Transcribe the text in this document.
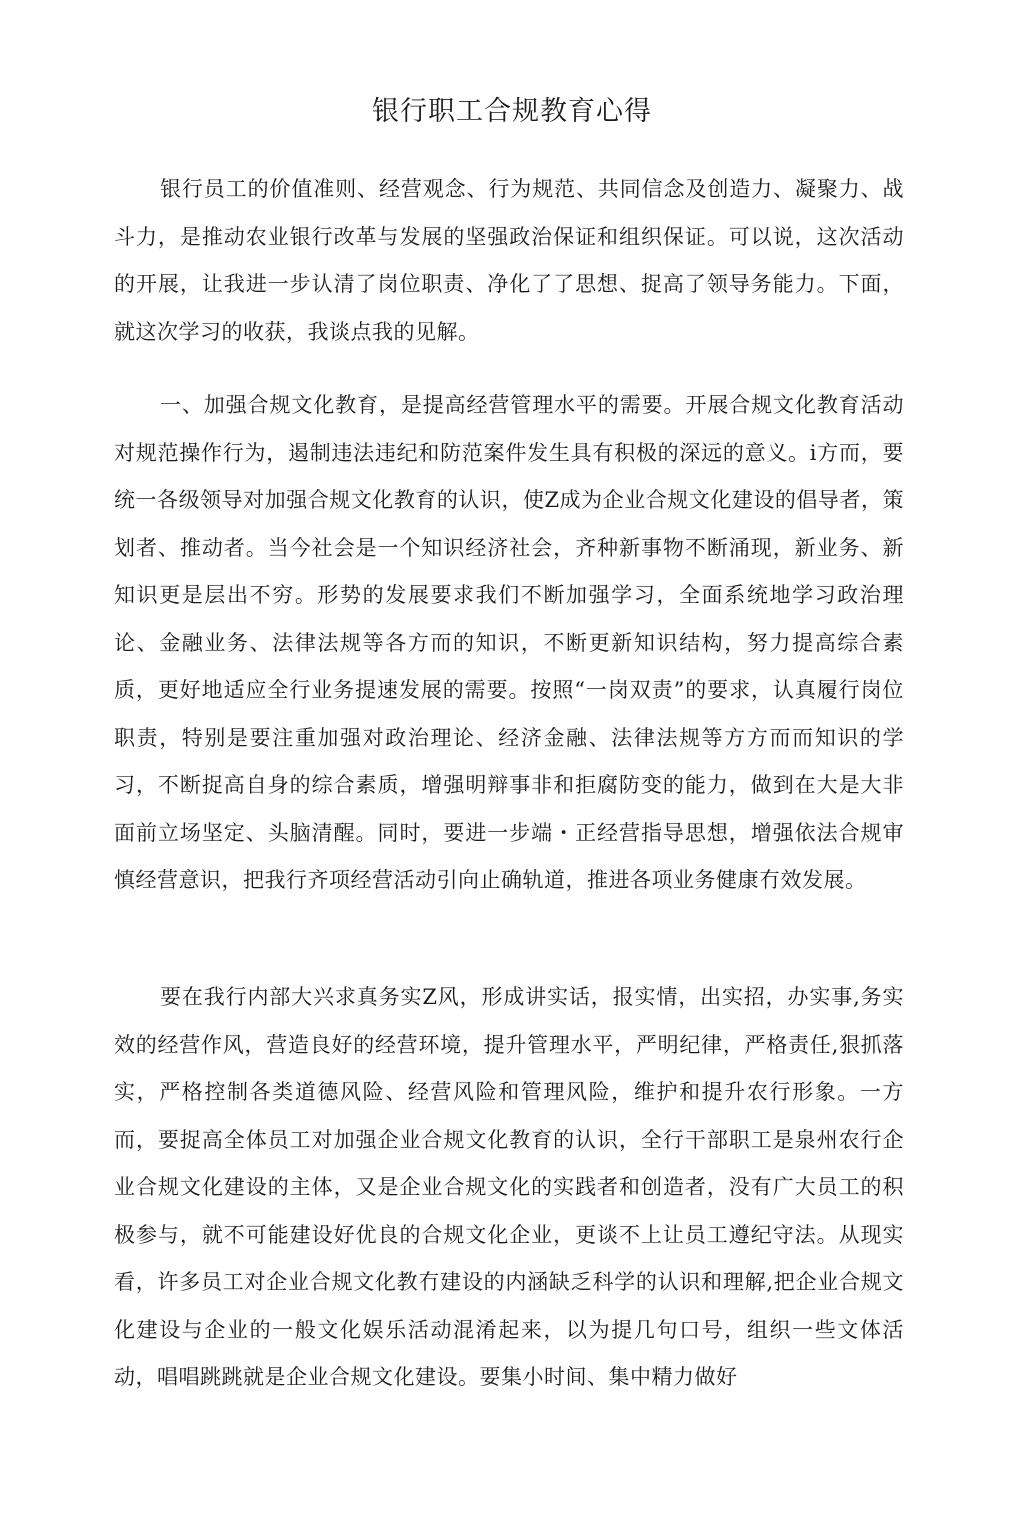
银行职工合规教育心得

银行员工的价值准则、经营观念、行为规范、共同信念及创造力、凝聚力、战斗力，是推动农业银行改革与发展的坚强政治保证和组织保证。可以说，这次活动的开展，让我进一步认清了岗位职责、净化了了思想、捉高了领导务能力。下面，就这次学习的收获，我谈点我的见解。

一、加强合规文化教育，是提高经营管理水平的需要。开展合规文化教育活动对规范操作行为，遏制违法违纪和防范案件发生具有积极的深远的意义。i方而，要统一各级领导对加强合规文化教育的认识，使Z成为企业合规文化建设的倡导者，策划者、推动者。当今社会是一个知识经济社会，齐种新事物不断涌现，新业务、新知识更是层出不穷。形势的发展要求我们不断加强学习，全面系统地学习政治理论、金融业务、法律法规等各方而的知识，不断更新知识结构，努力提高综合素质，更好地适应全行业务提速发展的需要。按照“一岗双责”的要求，认真履行岗位职责，特别是要注重加强对政治理论、经济金融、法律法规等方方而而知识的学习，不断捉高自身的综合素质，增强明辩事非和拒腐防变的能力，做到在大是大非面前立场坚定、头脑清醒。同时，要进一步端・正经营指导思想，增强依法合规审慎经营意识，把我行齐项经营活动引向止确轨道，推进各项业务健康冇效发展。

要在我行内部大兴求真务实Z风，形成讲实话，报实情，出实招，办实事,务实效的经营作风，营造良好的经营环境，提升管理水平，严明纪律，严格责任,狠抓落实，严格控制各类道德风险、经营风险和管理风险，维护和提升农行形象。一方而，要捉高全体员工对加强企业合规文化教育的认识，全行干部职工是泉州农行企业合规文化建设的主体，又是企业合规文化的实践者和创造者，没有广大员工的积极参与，就不可能建设好优良的合规文化企业，更谈不上让员工遵纪守法。从现实看，许多员工对企业合规文化教冇建设的内涵缺乏科学的认识和理解,把企业合规文化建设与企业的一般文化娱乐活动混淆起来，以为提几句口号，组织一些文体活动，唱唱跳跳就是企业合规文化建设。要集小时间、集中精力做好
